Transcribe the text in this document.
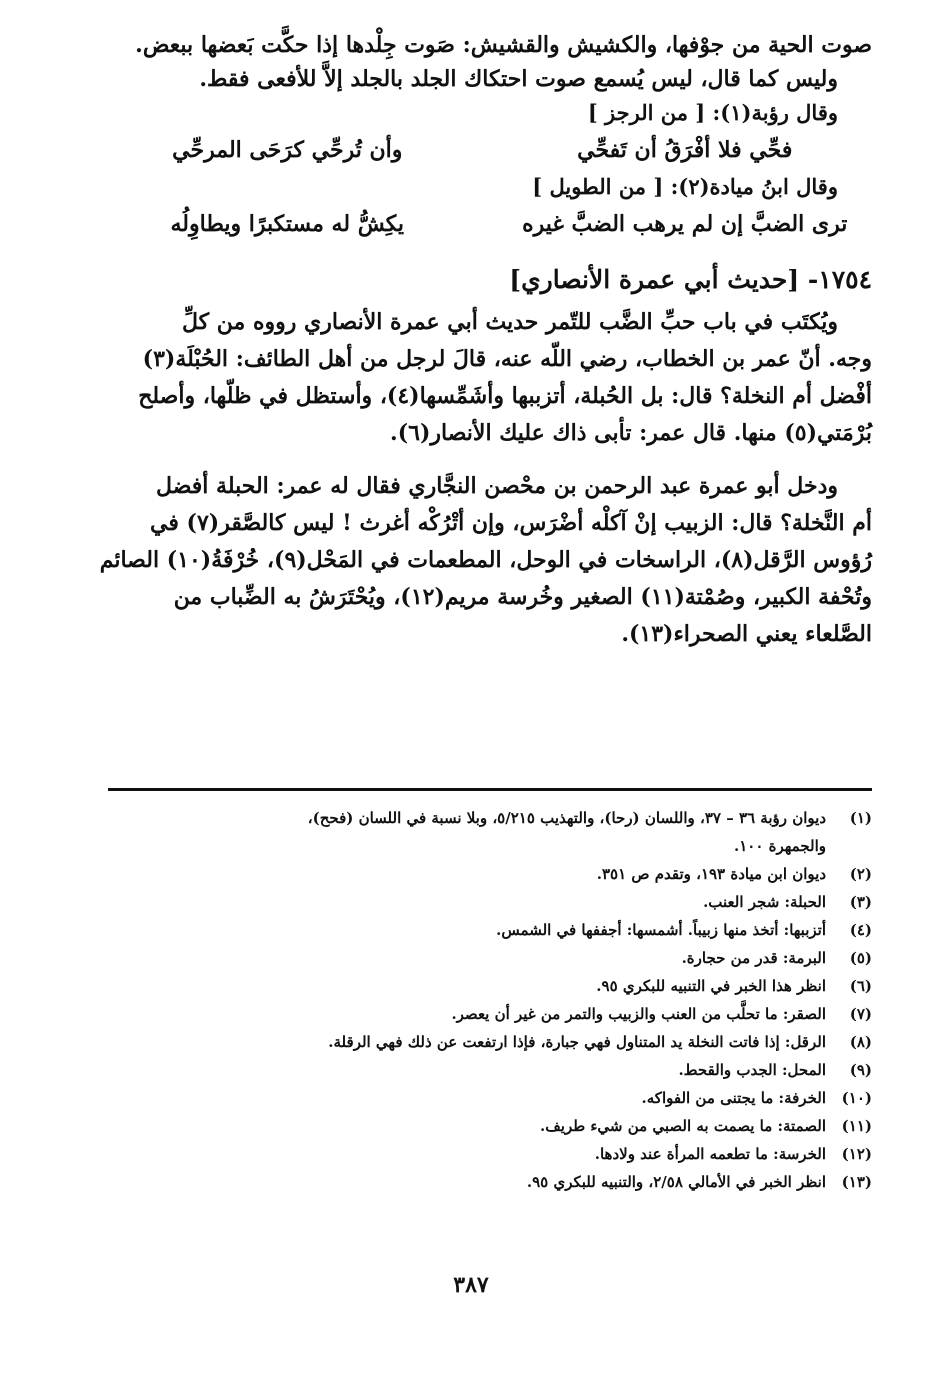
صوت الحية من جوْفها، والكشيش والقشيش: صَوت جِلْدها إذا حكَّت بَعضها ببعض.
وليس كما قال، ليس يُسمع صوت احتكاك الجلد بالجلد إلاَّ للأفعى فقط.
وقال رؤبة(١): [ من الرجز ]
فحِّي فلا أفْرَقُ أن تَفحِّي
وأن تُرحِّي كرَحَى المرحِّي
وقال ابنُ ميادة(٢): [ من الطويل ]
ترى الضبَّ إن لم يرهب الضبَّ غيره
يكِشُّ له مستكبرًا ويطاوِلُه
١٧٥٤- [حديث أبي عمرة الأنصاري]
ويُكتَب في باب حبِّ الضَّب للتّمر حديث أبي عمرة الأنصاري رووه من كلِّ
وجه. أنّ عمر بن الخطاب، رضي اللّه عنه، قالَ لرجل من أهل الطائف: الحُبْلَة(٣)
أفْضل أم النخلة؟ قال: بل الحُبلة، أتزببها وأشَمِّسها(٤)، وأستظل في ظلّها، وأصلح
بُرْمَتي(٥) منها. قال عمر: تأبى ذاك عليك الأنصار(٦).
ودخل أبو عمرة عبد الرحمن بن محْصن النجَّاري فقال له عمر: الحبلة أفضل
أم النَّخلة؟ قال: الزبيب إنْ آكلْه أضْرَس، وإن أتْرُكْه أغرث ! ليس كالصَّقر(٧) في
رُؤوس الرَّقل(٨)، الراسخات في الوحل، المطعمات في المَحْل(٩)، خُرْفَةُ(١٠) الصائم
وتُحْفة الكبير، وصُمْتة(١١) الصغير وخُرسة مريم(١٢)، ويُحْتَرَشُ به الضِّباب من
الصَّلعاء يعني الصحراء(١٣).
(١)
ديوان رؤبة ٣٦ – ٣٧، واللسان (رحا)، والتهذيب ٥/٢١٥، وبلا نسبة في اللسان (فحح)،
والجمهرة ١٠٠.
(٢)
ديوان ابن ميادة ١٩٣، وتقدم ص ٣٥١.
(٣)
الحبلة: شجر العنب.
(٤)
أتزببها: أتخذ منها زبيباً. أشمسها: أجففها في الشمس.
(٥)
البرمة: قدر من حجارة.
(٦)
انظر هذا الخبر في التنبيه للبكري ٩٥.
(٧)
الصقر: ما تحلَّب من العنب والزبيب والتمر من غير أن يعصر.
(٨)
الرقل: إذا فاتت النخلة يد المتناول فهي جبارة، فإذا ارتفعت عن ذلك فهي الرقلة.
(٩)
المحل: الجدب والقحط.
(١٠)
الخرفة: ما يجتنى من الفواكه.
(١١)
الصمتة: ما يصمت به الصبي من شيء طريف.
(١٢)
الخرسة: ما تطعمه المرأة عند ولادها.
(١٣)
انظر الخبر في الأمالي ٢/٥٨، والتنبيه للبكري ٩٥.
٣٨٧
